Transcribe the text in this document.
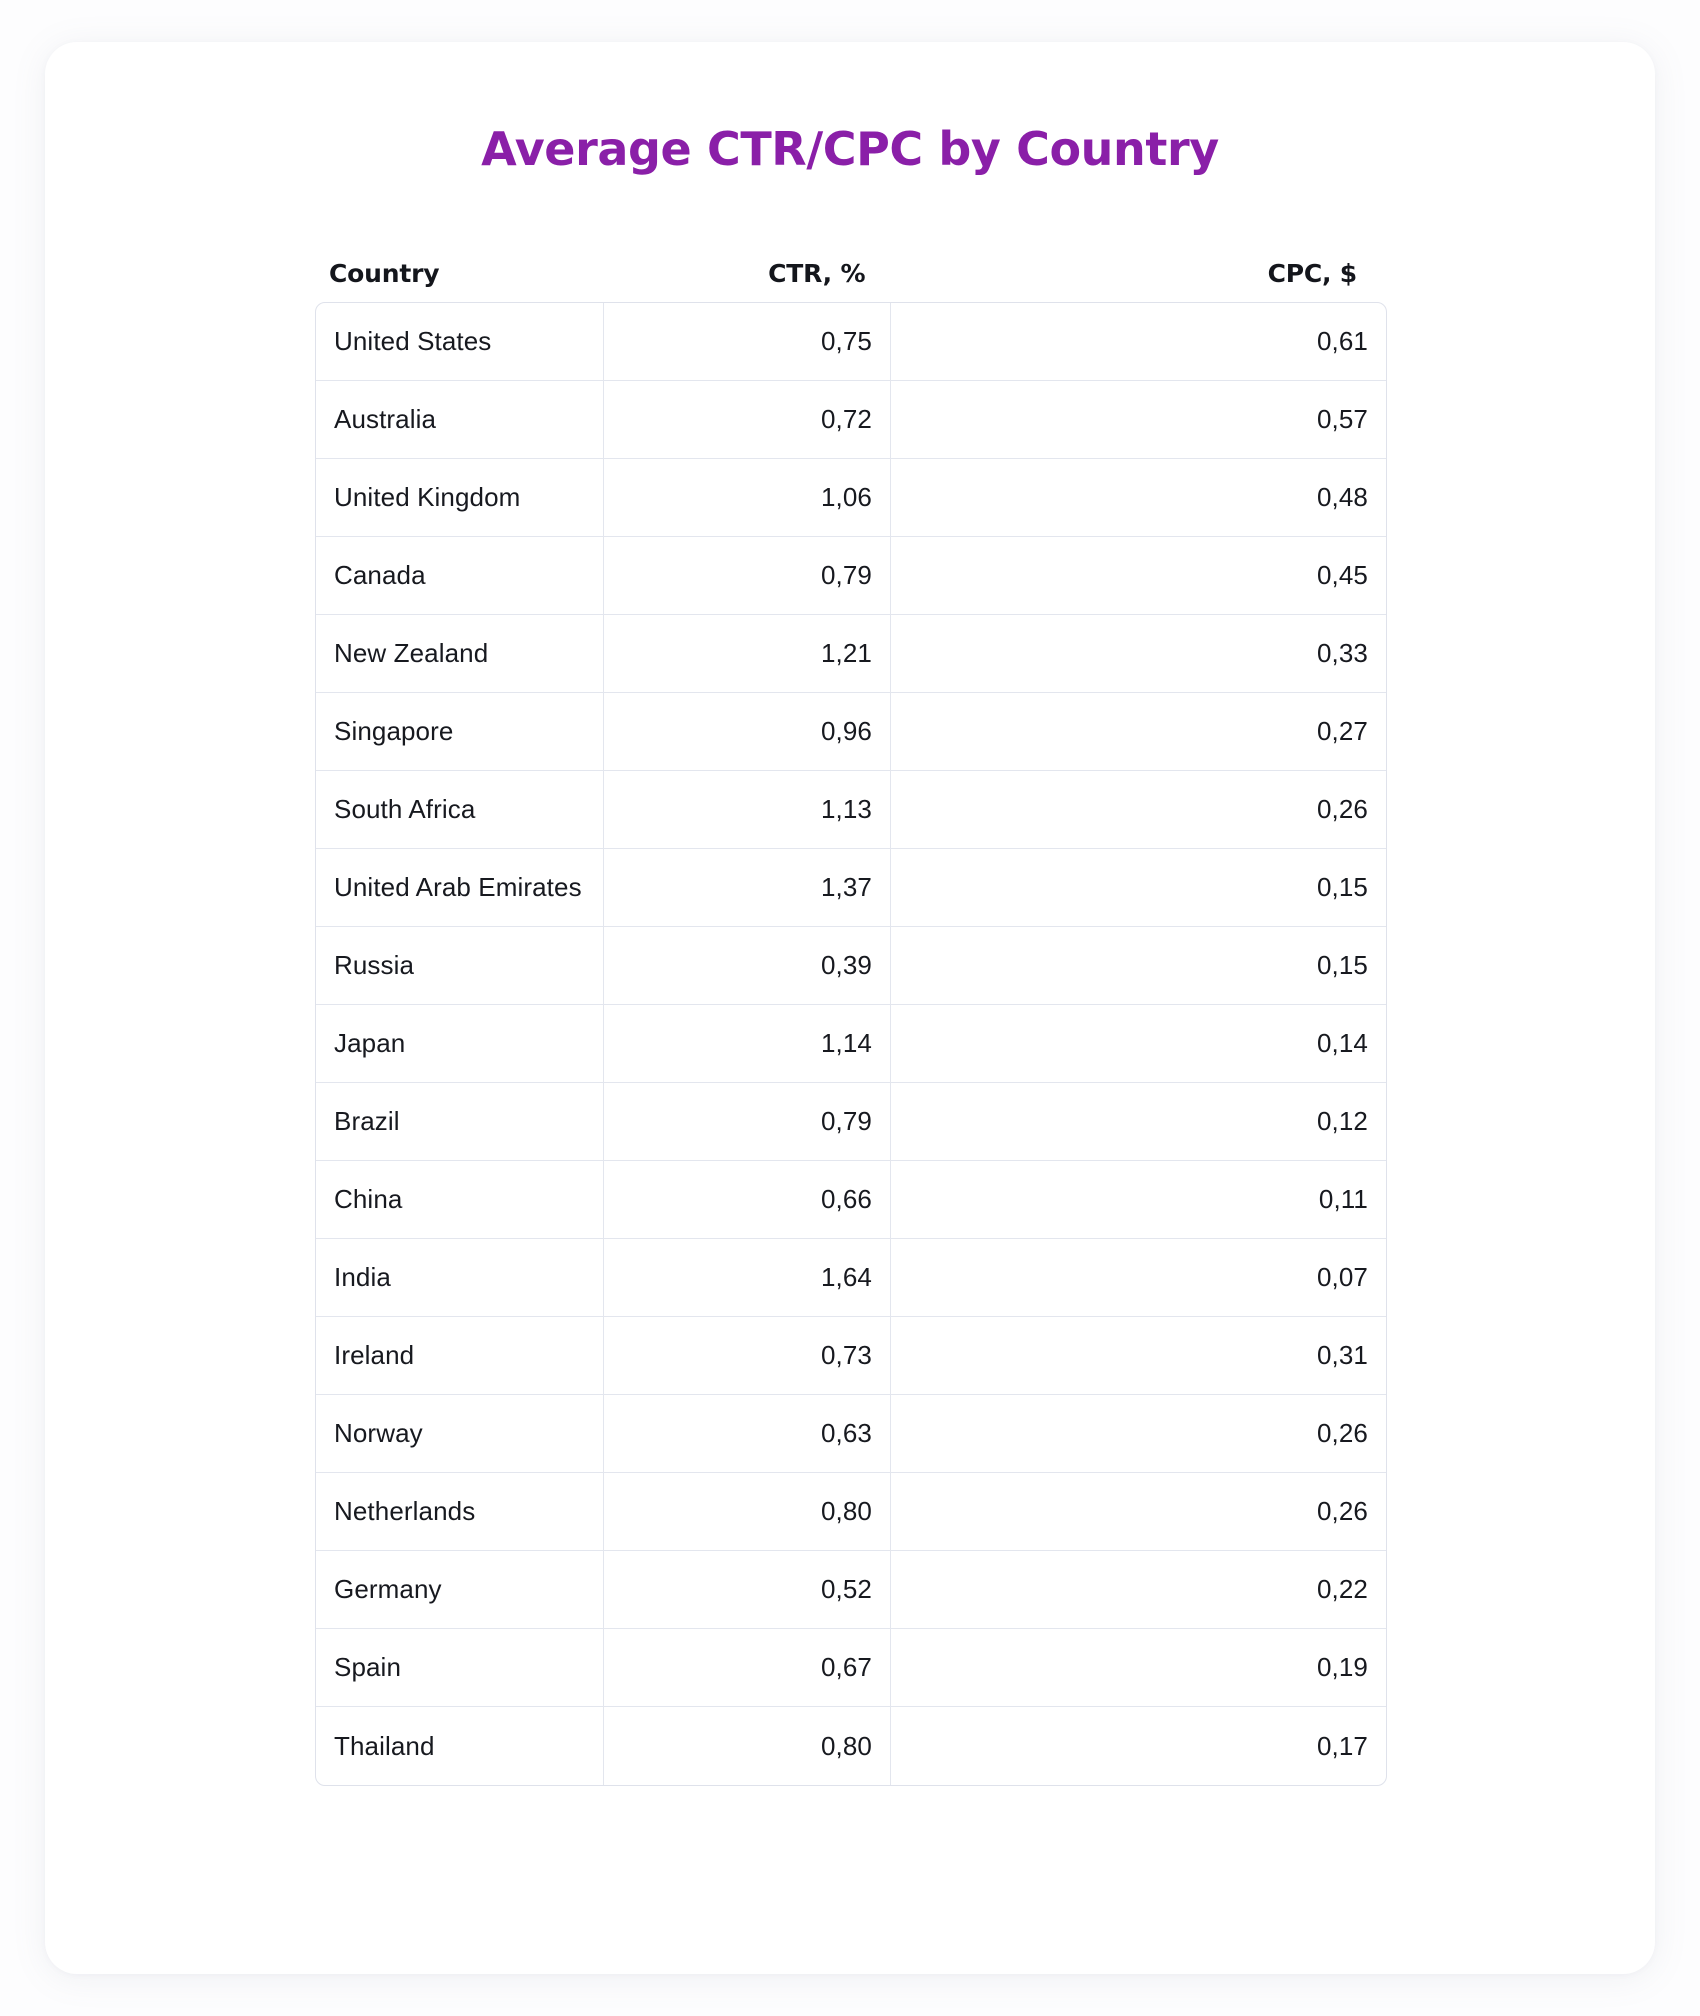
Average CTR/CPC by Country
Country	CTR, %	CPC, $
United States	0,75	0,61
Australia	0,72	0,57
United Kingdom	1,06	0,48
Canada	0,79	0,45
New Zealand	1,21	0,33
Singapore	0,96	0,27
South Africa	1,13	0,26
United Arab Emirates	1,37	0,15
Russia	0,39	0,15
Japan	1,14	0,14
Brazil	0,79	0,12
China	0,66	0,11
India	1,64	0,07
Ireland	0,73	0,31
Norway	0,63	0,26
Netherlands	0,80	0,26
Germany	0,52	0,22
Spain	0,67	0,19
Thailand	0,80	0,17
